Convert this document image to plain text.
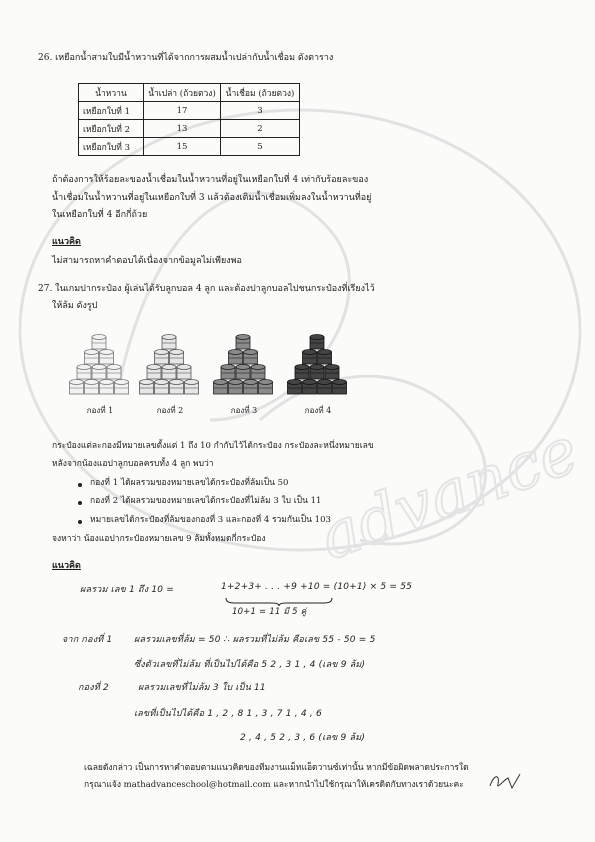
advance
26. เหยือกน้ำสามใบมีน้ำหวานที่ได้จากการผสมน้ำเปล่ากับน้ำเชื่อม ดังตาราง
น้ำหวาน	น้ำเปล่า (ถ้วยตวง)	น้ำเชื่อม (ถ้วยตวง)
เหยือกใบที่ 1	17	3
เหยือกใบที่ 2	13	2
เหยือกใบที่ 3	15	5
ถ้าต้องการให้ร้อยละของน้ำเชื่อมในน้ำหวานที่อยู่ในเหยือกใบที่ 4 เท่ากับร้อยละของ
น้ำเชื่อมในน้ำหวานที่อยู่ในเหยือกใบที่ 3 แล้วต้องเติมน้ำเชื่อมเพิ่มลงในน้ำหวานที่อยู่
ในเหยือกใบที่ 4 อีกกี่ถ้วย
แนวคิด
ไม่สามารถหาคำตอบได้เนื่องจากข้อมูลไม่เพียงพอ
27. ในเกมปากระป๋อง ผู้เล่นได้รับลูกบอล 4 ลูก และต้องปาลูกบอลไปชนกระป๋องที่เรียงไว้
ให้ล้ม ดังรูป
กองที่ 1	กองที่ 2	กองที่ 3	กองที่ 4
กระป๋องแต่ละกองมีหมายเลขตั้งแต่ 1 ถึง 10 กำกับไว้ได้กระป๋อง กระป๋องละหนึ่งหมายเลข
หลังจากน้องแอปาลูกบอลครบทั้ง 4 ลูก พบว่า
กองที่ 1 ได้ผลรวมของหมายเลขได้กระป๋องที่ล้มเป็น 50
กองที่ 2 ได้ผลรวมของหมายเลขได้กระป๋องที่ไม่ล้ม 3 ใบ เป็น 11
หมายเลขได้กระป๋องที่ล้มของกองที่ 3 และกองที่ 4 รวมกันเป็น 103
จงหาว่า น้องแอปากระป๋องหมายเลข 9 ล้มทั้งหมดกี่กระป๋อง
แนวคิด
ผลรวม เลข 1 ถึง 10 =	1+2+3+ . . . +9 +10 = (10+1) × 5 = 55
10+1 = 11 มี 5 คู่
จาก กองที่ 1 ผลรวมเลขที่ล้ม = 50 ∴ ผลรวมที่ไม่ล้ม คือเลข 55 - 50 = 5
ซึ่งตัวเลขที่ไม่ล้ม ที่เป็นไปได้คือ 5 2 , 3 1 , 4 (เลข 9 ล้ม)
กองที่ 2	ผลรวมเลขที่ไม่ล้ม 3 ใบ เป็น 11
เลขที่เป็นไปได้คือ 1 , 2 , 8 1 , 3 , 7 1 , 4 , 6
2 , 4 , 5 2 , 3 , 6 (เลข 9 ล้ม)
เฉลยดังกล่าว เป็นการหาคำตอบตามแนวคิดของทีมงานแม็ทแอ็ดวานซ์เท่านั้น หากมีข้อผิดพลาดประการใด
กรุณาแจ้ง mathadvanceschool@hotmail.com และหากนำไปใช้กรุณาให้เครดิตกับทางเราด้วยนะคะ
